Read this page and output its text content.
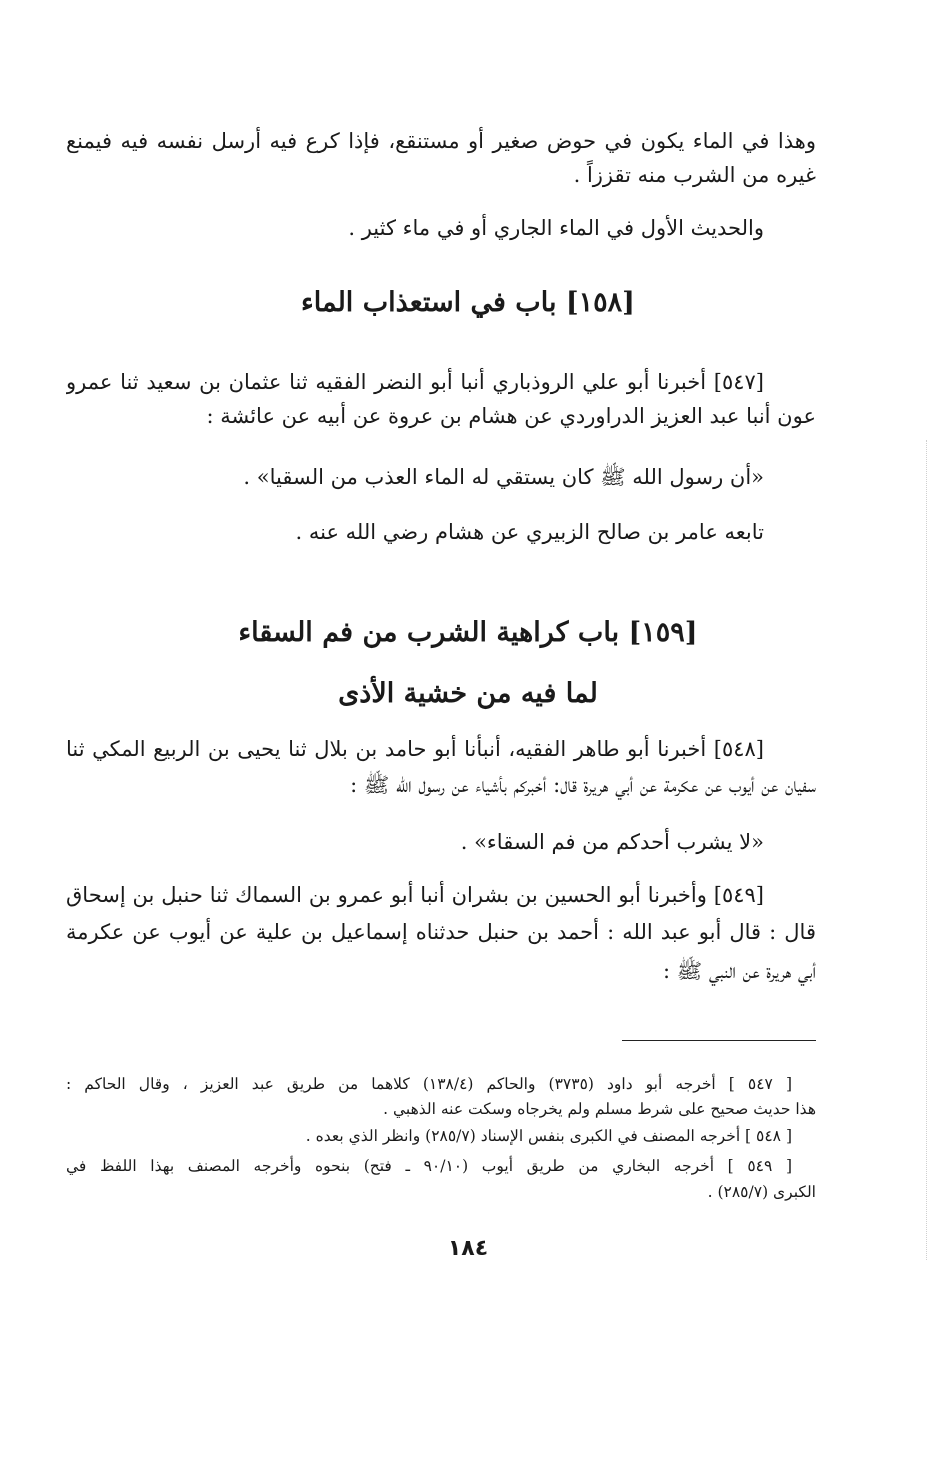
وهذا في الماء يكون في حوض صغير أو مستنقع، فإذا كرع فيه أرسل نفسه فيه فيمنع
غيره من الشرب منه تقززاً .
والحديث الأول في الماء الجاري أو في ماء كثير .
[١٥٨] باب في استعذاب الماء
[٥٤٧] أخبرنا أبو علي الروذباري أنبا أبو النضر الفقيه ثنا عثمان بن سعيد ثنا عمرو
عون أنبا عبد العزيز الدراوردي عن هشام بن عروة عن أبيه عن عائشة :
«أن رسول الله ﷺ كان يستقي له الماء العذب من السقيا» .
تابعه عامر بن صالح الزبيري عن هشام رضي الله عنه .
[١٥٩] باب كراهية الشرب من فم السقاء
لما فيه من خشية الأذى
[٥٤٨] أخبرنا أبو طاهر الفقيه، أنبأنا أبو حامد بن بلال ثنا يحيى بن الربيع المكي ثنا
سفيان عن أيوب عن عكرمة عن أبي هريرة قال: أخبركم بأشياء عن رسول الله ﷺ :
«لا يشرب أحدكم من فم السقاء» .
[٥٤٩] وأخبرنا أبو الحسين بن بشران أنبا أبو عمرو بن السماك ثنا حنبل بن إسحاق
قال : قال أبو عبد الله : أحمد بن حنبل حدثناه إسماعيل بن علية عن أيوب عن عكرمة
أبي هريرة عن النبي ﷺ :
[ ٥٤٧ ] أخرجه أبو داود (٣٧٣٥) والحاكم (١٣٨/٤) كلاهما من طريق عبد العزيز ، وقال الحاكم :
هذا حديث صحيح على شرط مسلم ولم يخرجاه وسكت عنه الذهبي .
[ ٥٤٨ ] أخرجه المصنف في الكبرى بنفس الإسناد (٢٨٥/٧) وانظر الذي بعده .
[ ٥٤٩ ] أخرجه البخاري من طريق أيوب (٩٠/١٠ ـ فتح) بنحوه وأخرجه المصنف بهذا اللفظ في
الكبرى (٢٨٥/٧) .
١٨٤
